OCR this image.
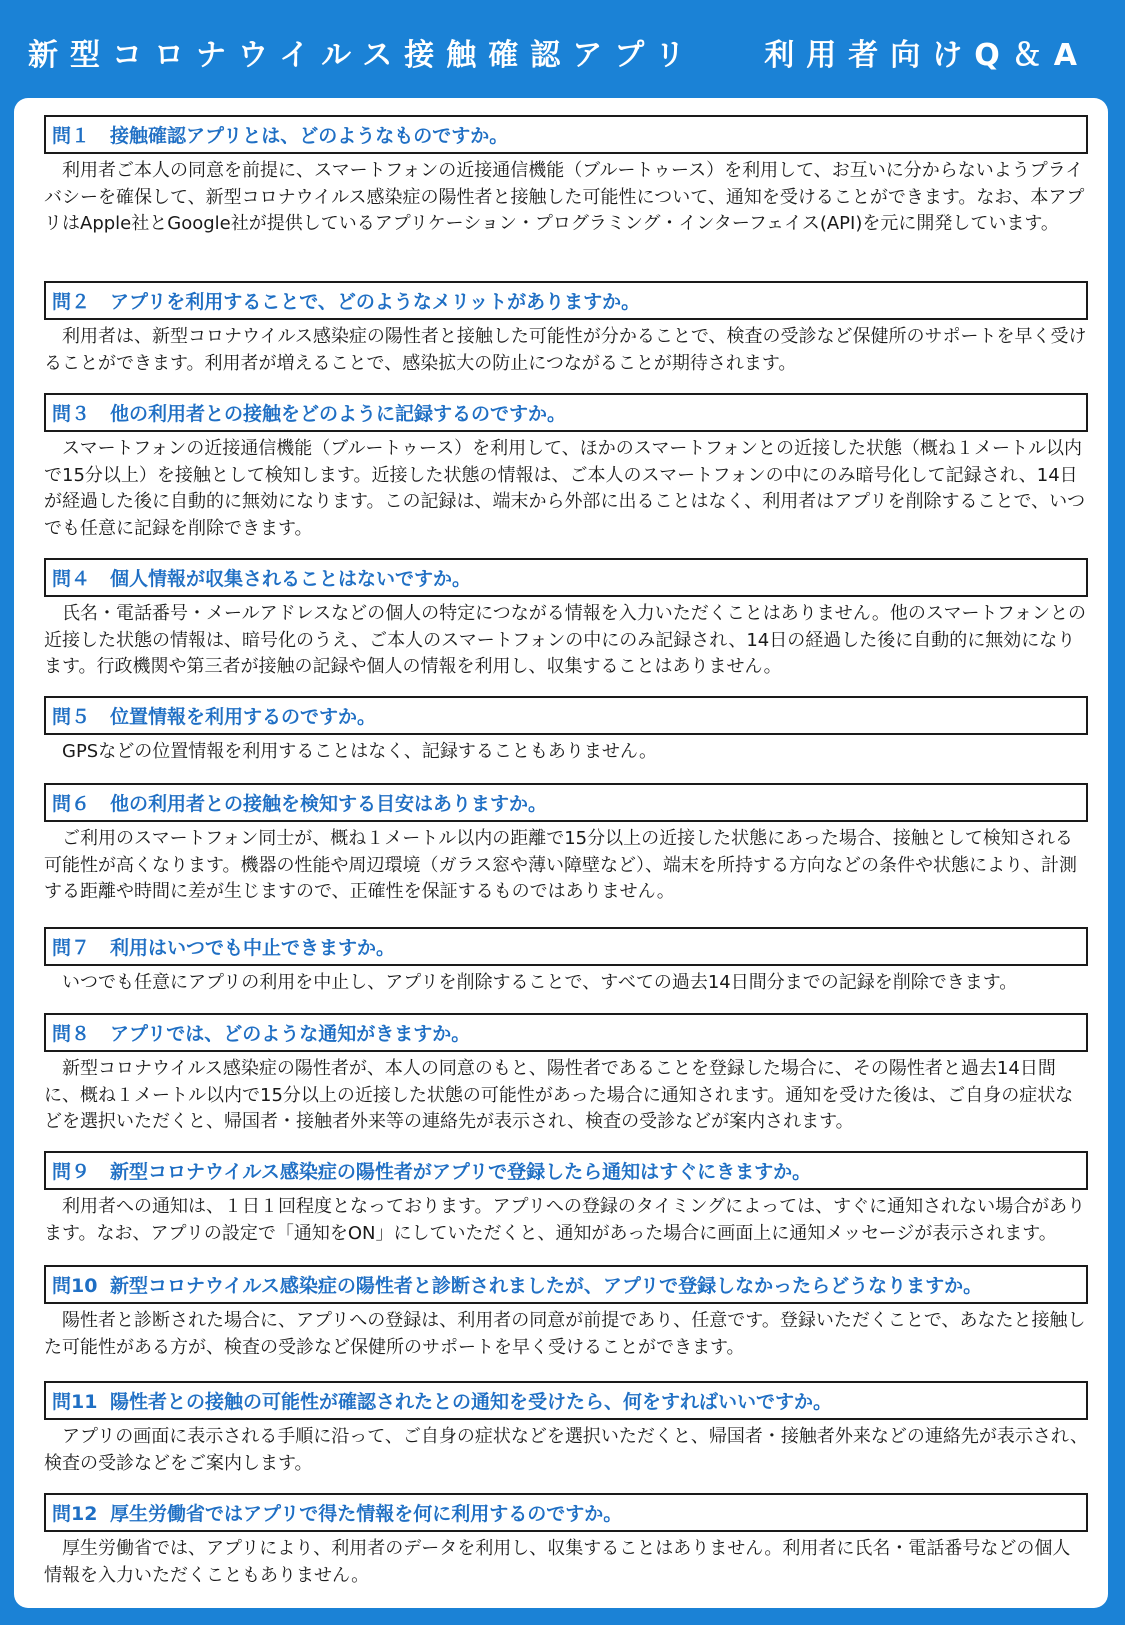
新型コロナウイルス接触確認アプリ 利用者向けQ＆A
問１	接触確認アプリとは、どのようなものですか。

利用者ご本人の同意を前提に、スマートフォンの近接通信機能（ブルートゥース）を利用して、お互いに分からないようプライバシーを確保して、新型コロナウイルス感染症の陽性者と接触した可能性について、通知を受けることができます。なお、本アプリはApple社とGoogle社が提供しているアプリケーション・プログラミング・インターフェイス(API)を元に開発しています。

問２	アプリを利用することで、どのようなメリットがありますか。

利用者は、新型コロナウイルス感染症の陽性者と接触した可能性が分かることで、検査の受診など保健所のサポートを早く受けることができます。利用者が増えることで、感染拡大の防止につながることが期待されます。

問３	他の利用者との接触をどのように記録するのですか。

スマートフォンの近接通信機能（ブルートゥース）を利用して、ほかのスマートフォンとの近接した状態（概ね１メートル以内で15分以上）を接触として検知します。近接した状態の情報は、ご本人のスマートフォンの中にのみ暗号化して記録され、14日が経過した後に自動的に無効になります。この記録は、端末から外部に出ることはなく、利用者はアプリを削除することで、いつでも任意に記録を削除できます。

問４	個人情報が収集されることはないですか。

氏名・電話番号・メールアドレスなどの個人の特定につながる情報を入力いただくことはありません。他のスマートフォンとの近接した状態の情報は、暗号化のうえ、ご本人のスマートフォンの中にのみ記録され、14日の経過した後に自動的に無効になります。行政機関や第三者が接触の記録や個人の情報を利用し、収集することはありません。

問５	位置情報を利用するのですか。

GPSなどの位置情報を利用することはなく、記録することもありません。

問６	他の利用者との接触を検知する目安はありますか。

ご利用のスマートフォン同士が、概ね１メートル以内の距離で15分以上の近接した状態にあった場合、接触として検知される可能性が高くなります。機器の性能や周辺環境（ガラス窓や薄い障壁など）、端末を所持する方向などの条件や状態により、計測する距離や時間に差が生じますので、正確性を保証するものではありません。

問７	利用はいつでも中止できますか。

いつでも任意にアプリの利用を中止し、アプリを削除することで、すべての過去14日間分までの記録を削除できます。

問８	アプリでは、どのような通知がきますか。

新型コロナウイルス感染症の陽性者が、本人の同意のもと、陽性者であることを登録した場合に、その陽性者と過去14日間に、概ね１メートル以内で15分以上の近接した状態の可能性があった場合に通知されます。通知を受けた後は、ご自身の症状などを選択いただくと、帰国者・接触者外来等の連絡先が表示され、検査の受診などが案内されます。

問９	新型コロナウイルス感染症の陽性者がアプリで登録したら通知はすぐにきますか。

利用者への通知は、１日１回程度となっております。アプリへの登録のタイミングによっては、すぐに通知されない場合があります。なお、アプリの設定で「通知をON」にしていただくと、通知があった場合に画面上に通知メッセージが表示されます。

問10 新型コロナウイルス感染症の陽性者と診断されましたが、アプリで登録しなかったらどうなりますか。

陽性者と診断された場合に、アプリへの登録は、利用者の同意が前提であり、任意です。登録いただくことで、あなたと接触した可能性がある方が、検査の受診など保健所のサポートを早く受けることができます。

問11 陽性者との接触の可能性が確認されたとの通知を受けたら、何をすればいいですか。

アプリの画面に表示される手順に沿って、ご自身の症状などを選択いただくと、帰国者・接触者外来などの連絡先が表示され、検査の受診などをご案内します。

問12 厚生労働省ではアプリで得た情報を何に利用するのですか。

厚生労働省では、アプリにより、利用者のデータを利用し、収集することはありません。利用者に氏名・電話番号などの個人情報を入力いただくこともありません。
